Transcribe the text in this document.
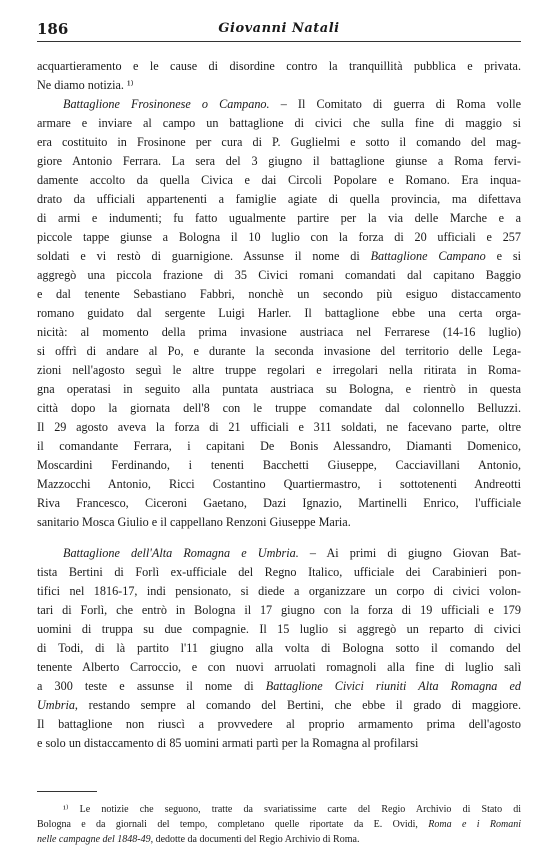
186	Giovanni Natali
acquartieramento e le cause di disordine contro la tranquillità pubblica e privata.
Ne diamo notizia. ¹⁾
Battaglione Frosinonese o Campano. – Il Comitato di guerra di Roma volle
armare e inviare al campo un battaglione di civici che sulla fine di maggio si
era costituito in Frosinone per cura di P. Guglielmi e sotto il comando del mag-
giore Antonio Ferrara. La sera del 3 giugno il battaglione giunse a Roma fervi-
damente accolto da quella Civica e dai Circoli Popolare e Romano. Era inqua-
drato da ufficiali appartenenti a famiglie agiate di quella provincia, ma difettava
di armi e indumenti; fu fatto ugualmente partire per la via delle Marche e a
piccole tappe giunse a Bologna il 10 luglio con la forza di 20 ufficiali e 257
soldati e vi restò di guarnigione. Assunse il nome di Battaglione Campano e si
aggregò una piccola frazione di 35 Civici romani comandati dal capitano Baggio
e dal tenente Sebastiano Fabbri, nonchè un secondo più esiguo distaccamento
romano guidato dal sergente Luigi Harler. Il battaglione ebbe una certa orga-
nicità: al momento della prima invasione austriaca nel Ferrarese (14-16 luglio)
si offrì di andare al Po, e durante la seconda invasione del territorio delle Lega-
zioni nell'agosto seguì le altre truppe regolari e irregolari nella ritirata in Roma-
gna operatasi in seguito alla puntata austriaca su Bologna, e rientrò in questa
città dopo la giornata dell'8 con le truppe comandate dal colonnello Belluzzi.
Il 29 agosto aveva la forza di 21 ufficiali e 311 soldati, ne facevano parte, oltre
il comandante Ferrara, i capitani De Bonis Alessandro, Diamanti Domenico,
Moscardini Ferdinando, i tenenti Bacchetti Giuseppe, Cacciavillani Antonio,
Mazzocchi Antonio, Ricci Costantino Quartiermastro, i sottotenenti Andreotti
Riva Francesco, Ciceroni Gaetano, Dazi Ignazio, Martinelli Enrico, l'ufficiale
sanitario Mosca Giulio e il cappellano Renzoni Giuseppe Maria.
Battaglione dell'Alta Romagna e Umbria. – Ai primi di giugno Giovan Bat-
tista Bertini di Forlì ex-ufficiale del Regno Italico, ufficiale dei Carabinieri pon-
tifici nel 1816-17, indi pensionato, si diede a organizzare un corpo di civici volon-
tari di Forlì, che entrò in Bologna il 17 giugno con la forza di 19 ufficiali e 179
uomini di truppa su due compagnie. Il 15 luglio si aggregò un reparto di civici
di Todi, di là partito l'11 giugno alla volta di Bologna sotto il comando del
tenente Alberto Carroccio, e con nuovi arruolati romagnoli alla fine di luglio salì
a 300 teste e assunse il nome di Battaglione Civici riuniti Alta Romagna ed
Umbria, restando sempre al comando del Bertini, che ebbe il grado di maggiore.
Il battaglione non riuscì a provvedere al proprio armamento prima dell'agosto
e solo un distaccamento di 85 uomini armati partì per la Romagna al profilarsi
¹⁾ Le notizie che seguono, tratte da svariatissime carte del Regio Archivio di Stato di
Bologna e da giornali del tempo, completano quelle riportate da E. Ovidi, Roma e i Romani
nelle campagne del 1848-49, dedotte da documenti del Regio Archivio di Roma.
